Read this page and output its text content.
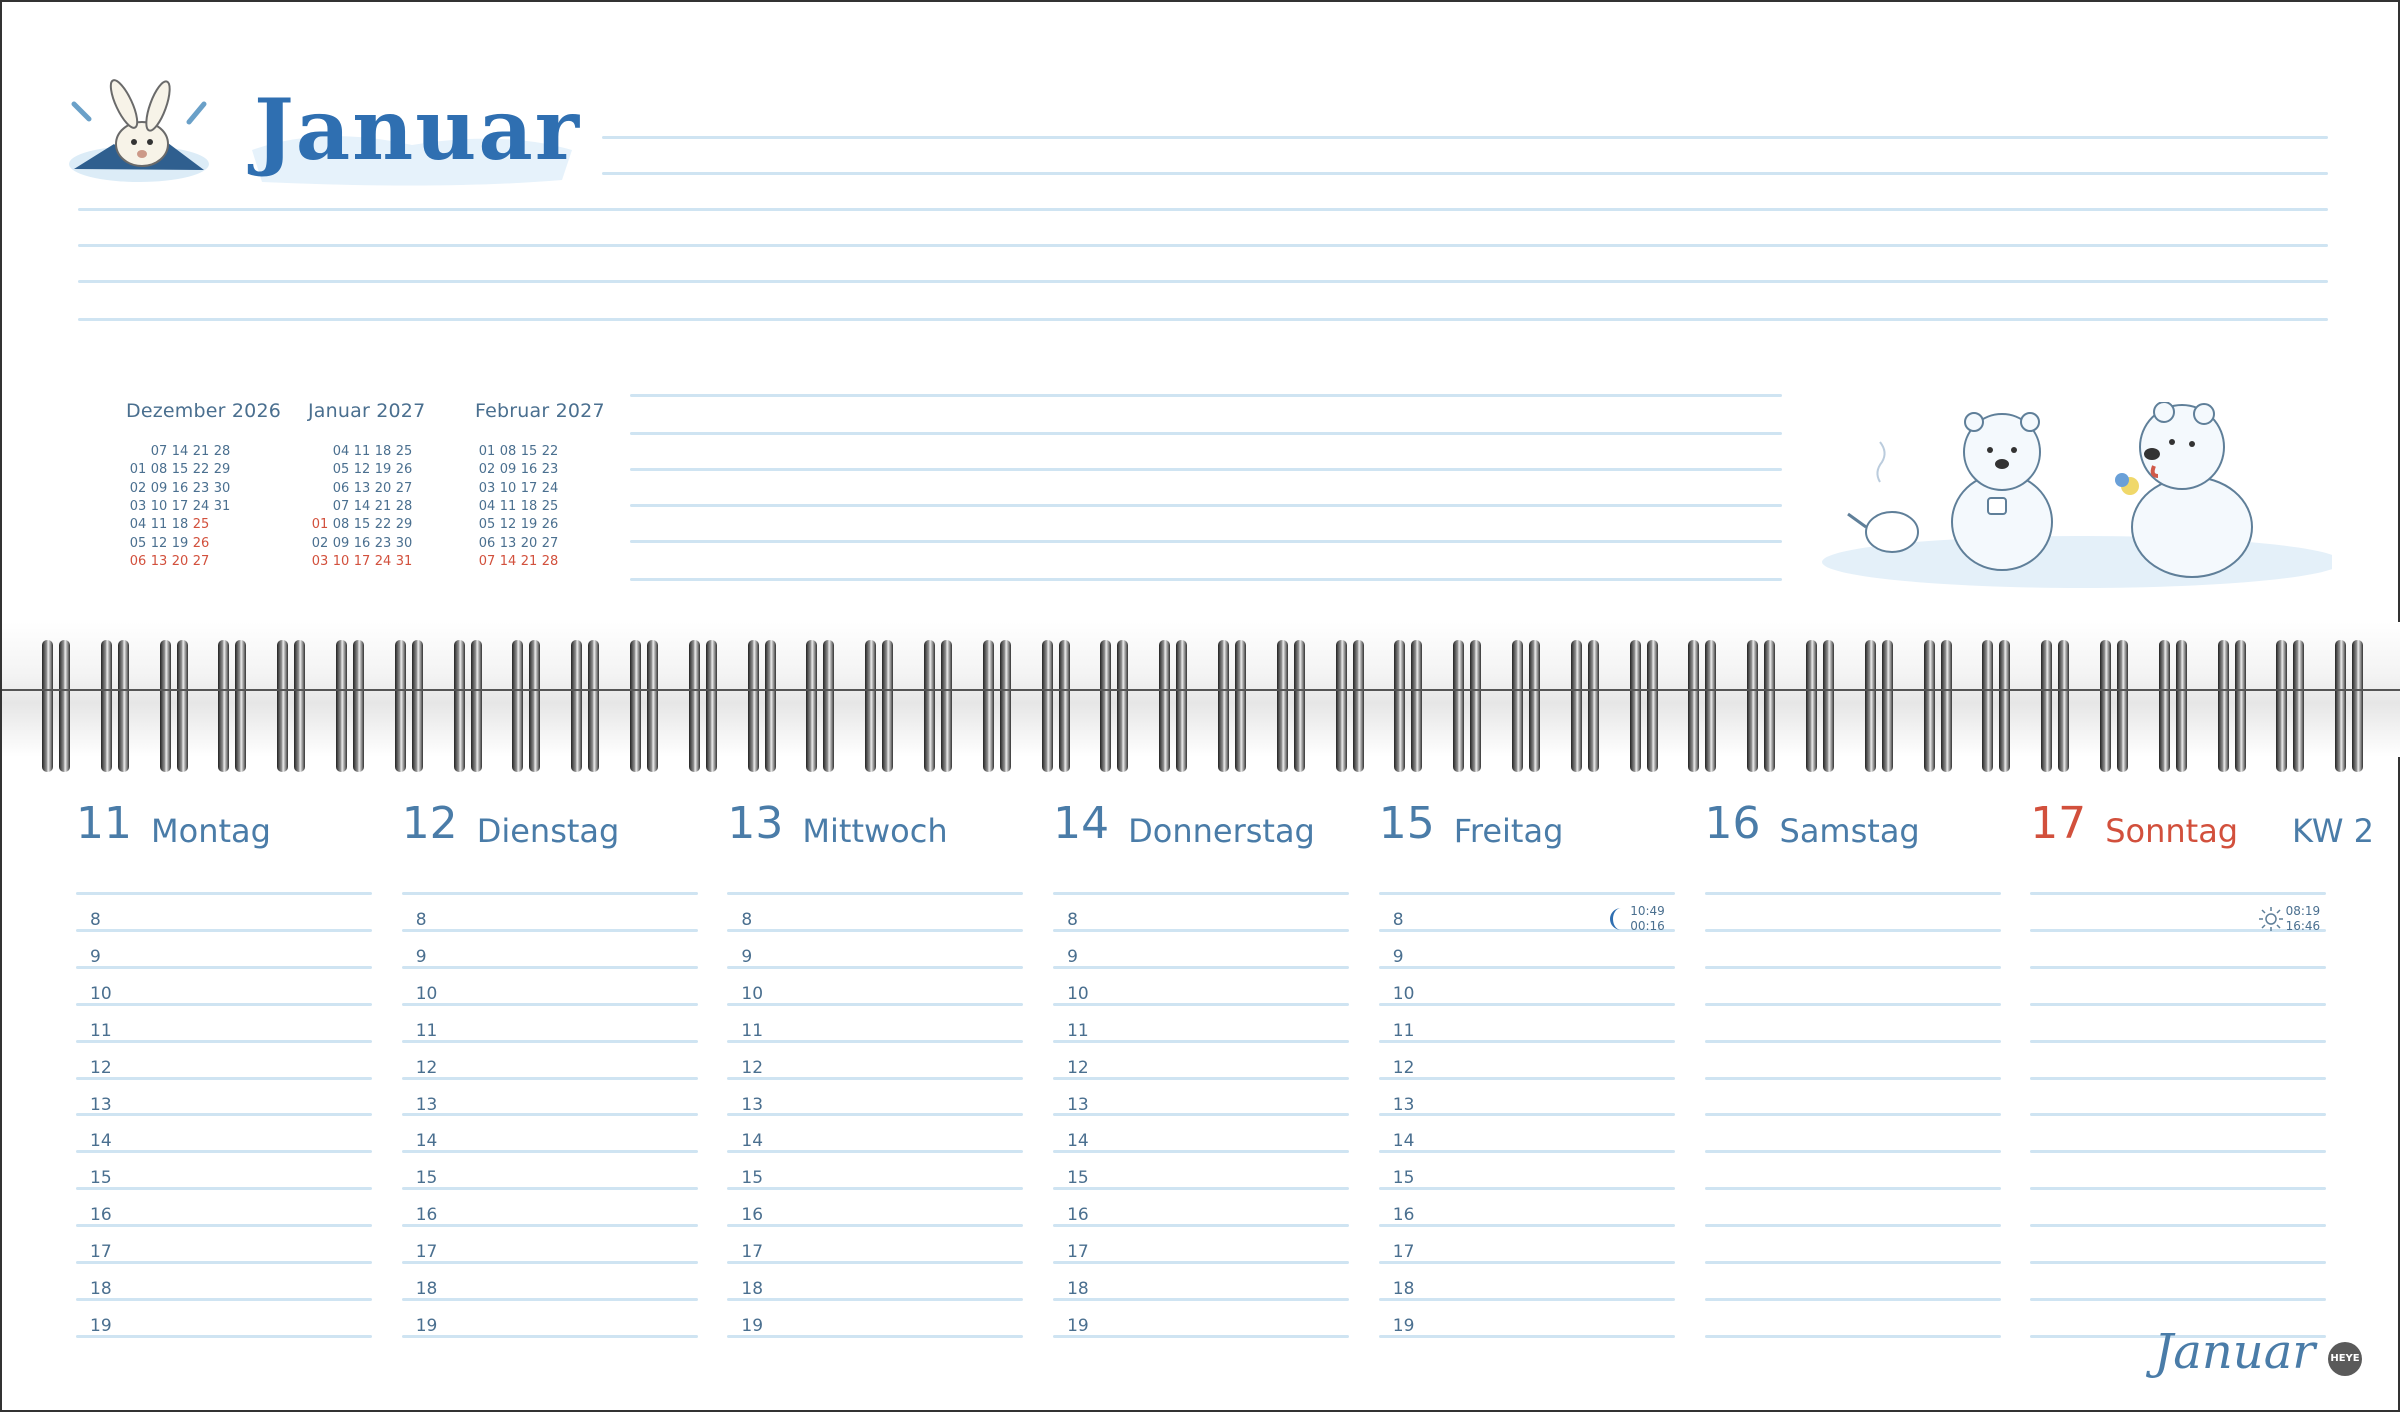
Januar
Dezember 2026
07 14 21 28
01 08 15 22 29
02 09 16 23 30
03 10 17 24 31
04 11 18 25
05 12 19 26
06 13 20 27
Januar 2027
04 11 18 25
05 12 19 26
06 13 20 27
07 14 21 28
01 08 15 22 29
02 09 16 23 30
03 10 17 24 31
Februar 2027
01 08 15 22
02 09 16 23
03 10 17 24
04 11 18 25
05 12 19 26
06 13 20 27
07 14 21 28
11 Montag
8
9
10
11
12
13
14
15
16
17
18
19
12 Dienstag
8
9
10
11
12
13
14
15
16
17
18
19
13 Mittwoch
8
9
10
11
12
13
14
15
16
17
18
19
14 Donnerstag
8
9
10
11
12
13
14
15
16
17
18
19
15 Freitag
8
9
10
11
12
13
14
15
16
17
18
19
10:49
00:16
16 Samstag	17 Sonntag
08:19
16:46
KW 2
Januar HEYE
